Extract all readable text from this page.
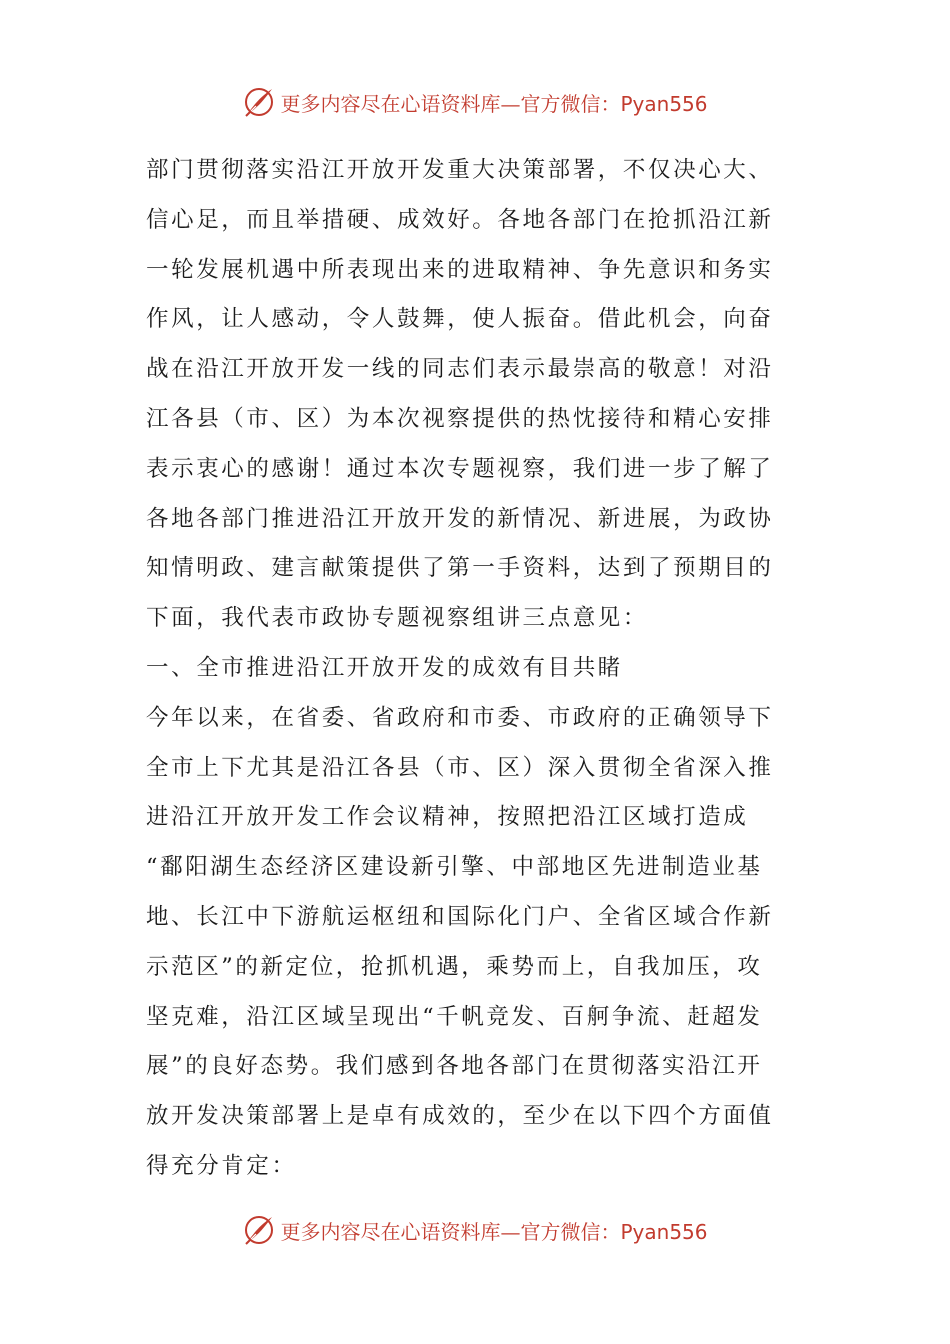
更多内容尽在心语资料库—官方微信：Pyan556
部门贯彻落实沿江开放开发重大决策部署，不仅决心大、
信心足，而且举措硬、成效好。各地各部门在抢抓沿江新
一轮发展机遇中所表现出来的进取精神、争先意识和务实
作风，让人感动，令人鼓舞，使人振奋。借此机会，向奋
战在沿江开放开发一线的同志们表示最崇高的敬意！对沿
江各县（市、区）为本次视察提供的热忱接待和精心安排
表示衷心的感谢！通过本次专题视察，我们进一步了解了
各地各部门推进沿江开放开发的新情况、新进展，为政协
知情明政、建言献策提供了第一手资料，达到了预期目的
下面，我代表市政协专题视察组讲三点意见：
一、全市推进沿江开放开发的成效有目共睹
今年以来，在省委、省政府和市委、市政府的正确领导下
全市上下尤其是沿江各县（市、区）深入贯彻全省深入推
进沿江开放开发工作会议精神，按照把沿江区域打造成
“鄱阳湖生态经济区建设新引擎、中部地区先进制造业基
地、长江中下游航运枢纽和国际化门户、全省区域合作新
示范区”的新定位，抢抓机遇，乘势而上，自我加压，攻
坚克难，沿江区域呈现出“千帆竞发、百舸争流、赶超发
展”的良好态势。我们感到各地各部门在贯彻落实沿江开
放开发决策部署上是卓有成效的，至少在以下四个方面值
得充分肯定：
更多内容尽在心语资料库—官方微信：Pyan556
